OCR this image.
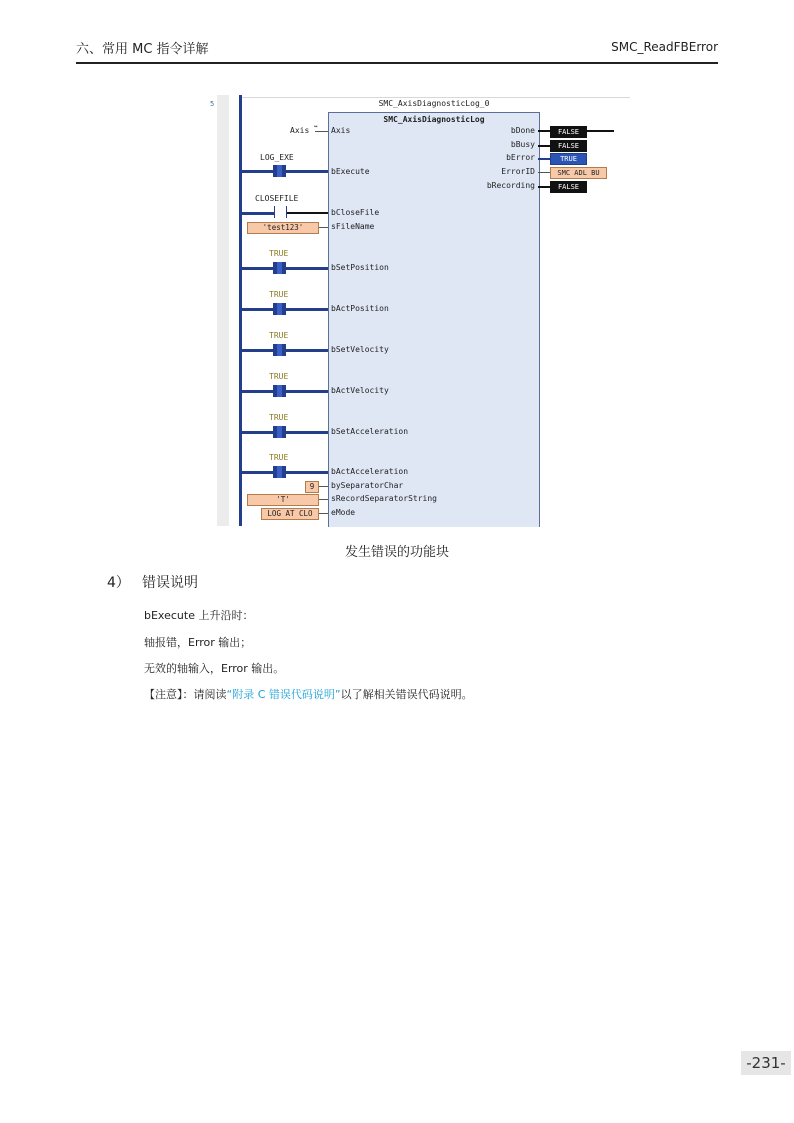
六、常用 MC 指令详解	SMC_ReadFBError
5	SMC_AxisDiagnosticLog_0
SMC_AxisDiagnosticLog
Axis ↔ Axis
LOG_EXE
bExecute
CLOSEFILE
bCloseFile
'test123'	sFileName
TRUE
bSetPosition
TRUE
bActPosition
TRUE
bSetVelocity
TRUE
bActVelocity
TRUE
bSetAcceleration
TRUE
bActAcceleration
9	bySeparatorChar
'T'	sRecordSeparatorString
LOG AT CLO	eMode
bDone	FALSE
bBusy	FALSE
bError	TRUE
ErrorID	SMC ADL BU
bRecording	FALSE
发生错误的功能块
4） 错误说明
bExecute 上升沿时：
轴报错，Error 输出；
无效的轴输入，Error 输出。
【注意】：请阅读“附录 C 错误代码说明”以了解相关错误代码说明。
-231-
